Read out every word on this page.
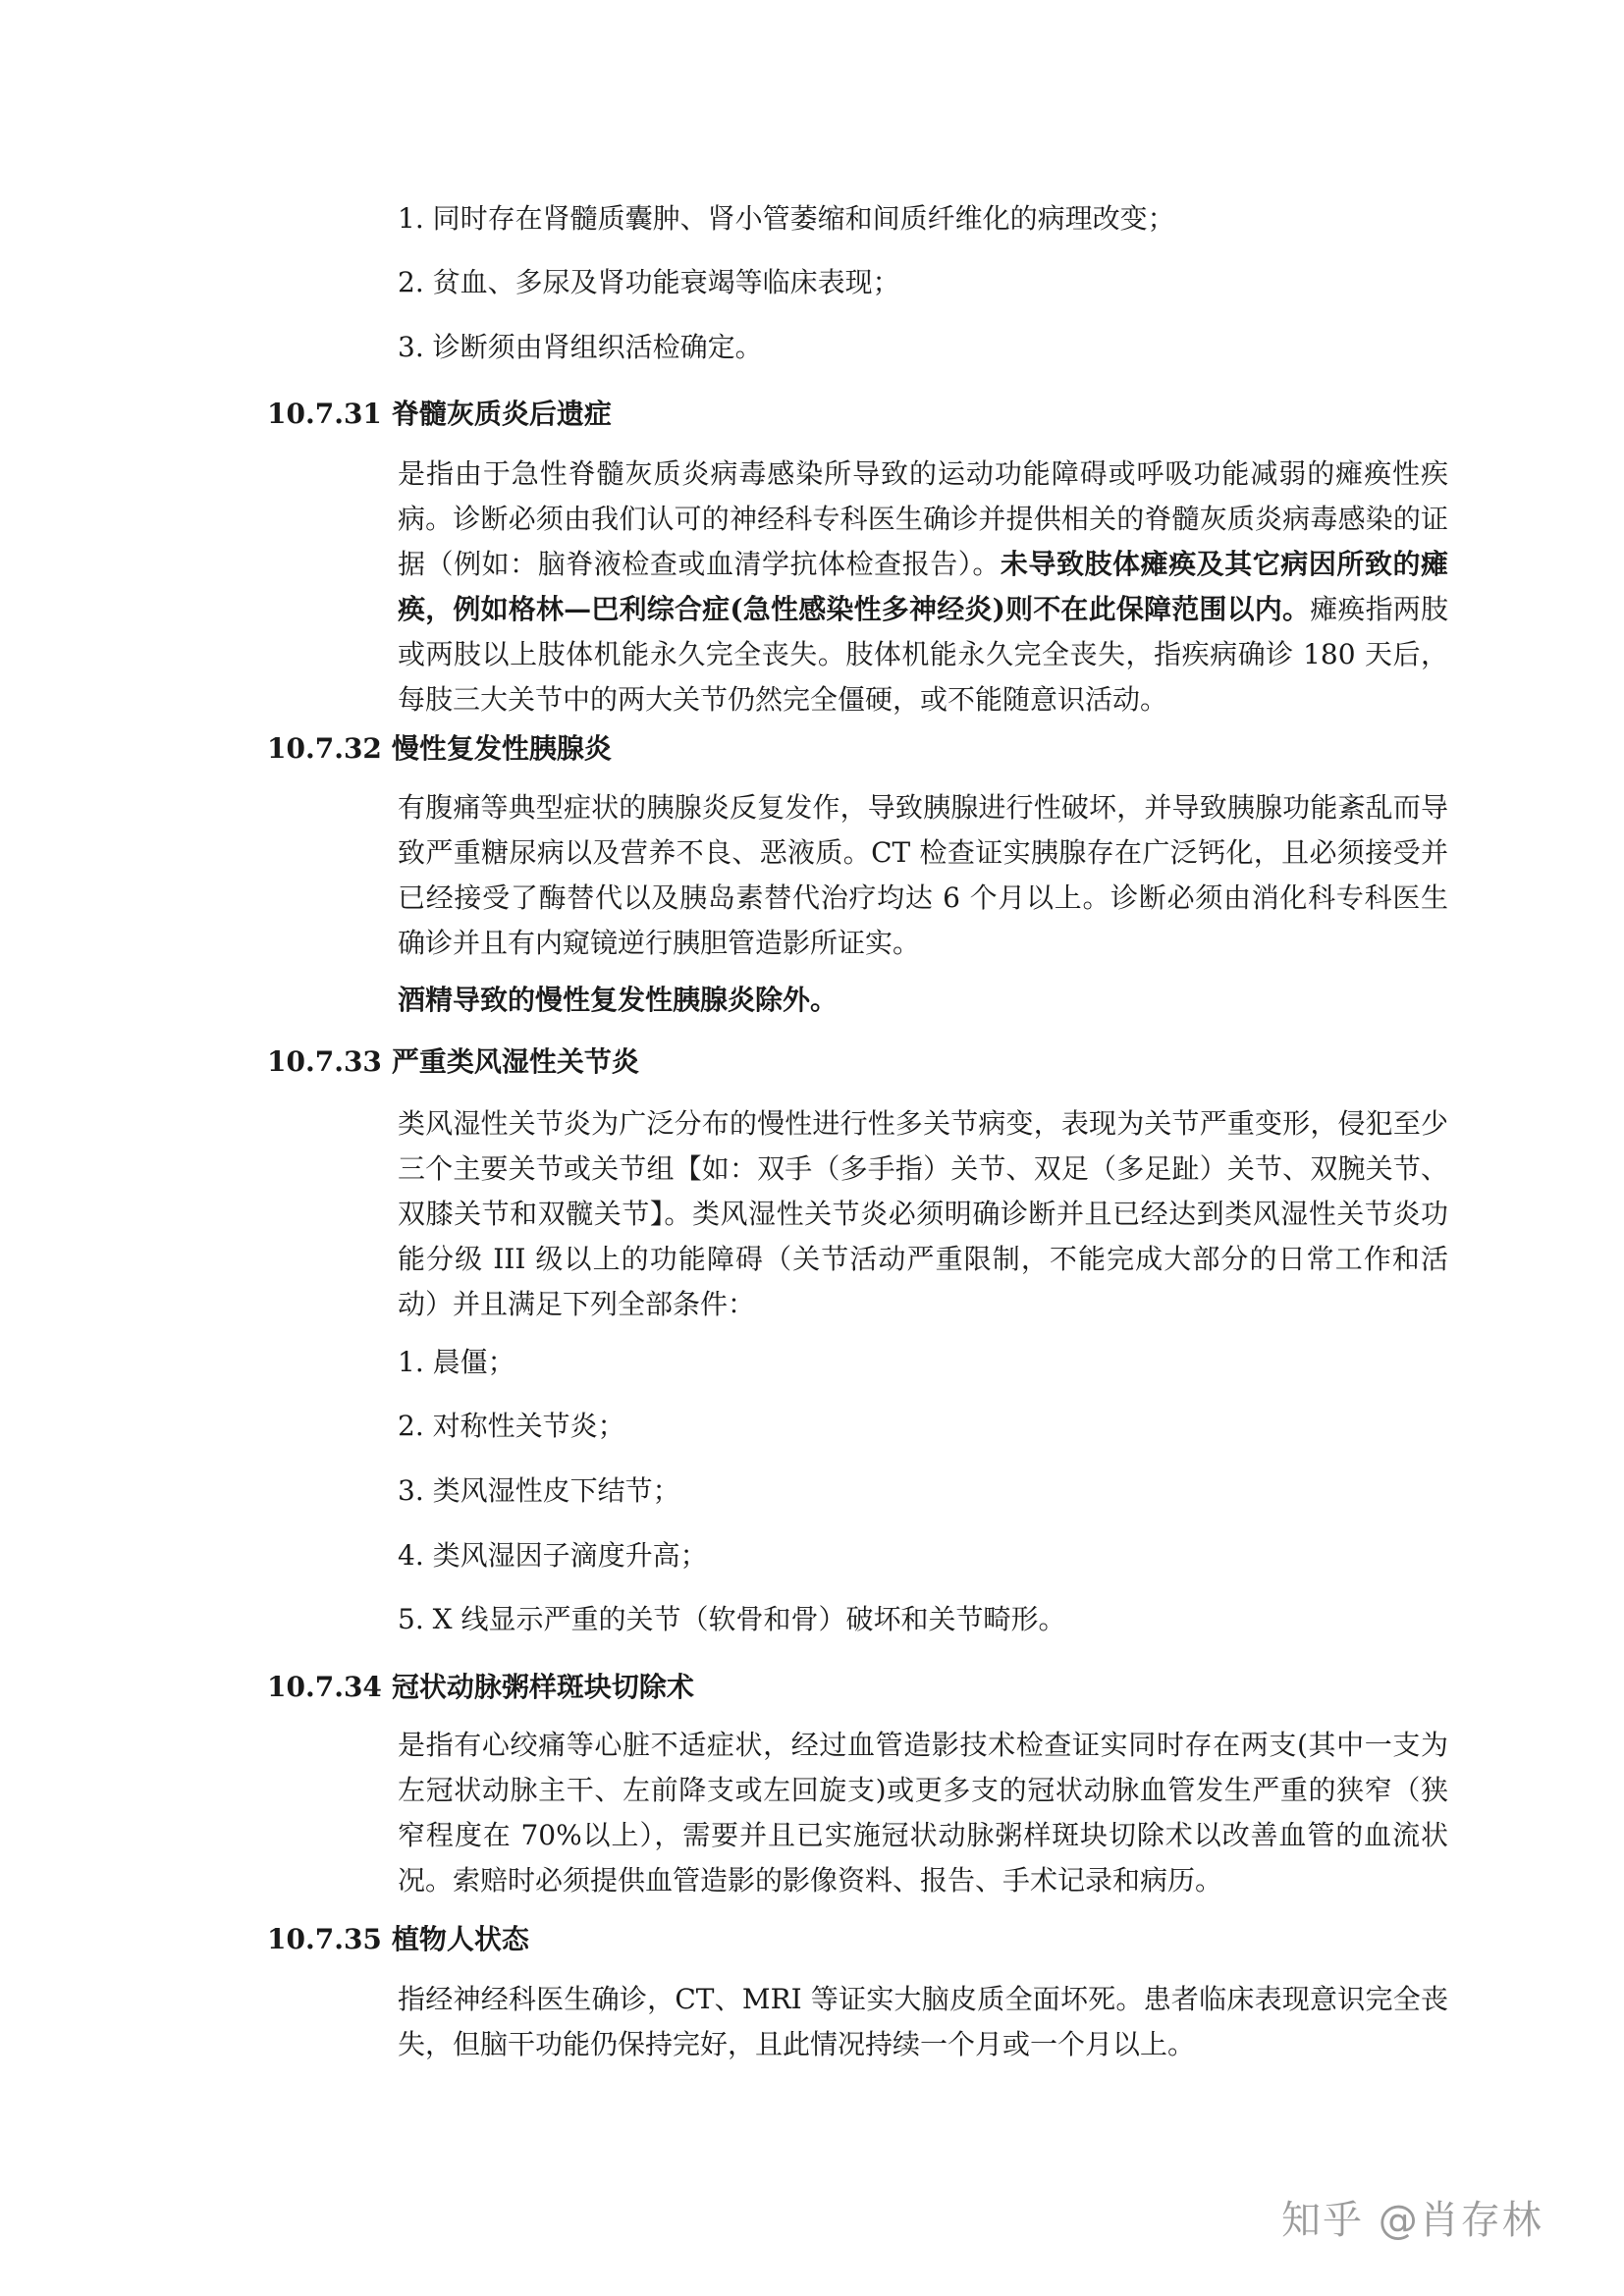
1. 同时存在肾髓质囊肿、肾小管萎缩和间质纤维化的病理改变；
2. 贫血、多尿及肾功能衰竭等临床表现；
3. 诊断须由肾组织活检确定。
10.7.31 脊髓灰质炎后遗症
是指由于急性脊髓灰质炎病毒感染所导致的运动功能障碍或呼吸功能减弱的瘫痪性疾病。诊断必须由我们认可的神经科专科医生确诊并提供相关的脊髓灰质炎病毒感染的证据（例如：脑脊液检查或血清学抗体检查报告）。未导致肢体瘫痪及其它病因所致的瘫痪，例如格林—巴利综合症(急性感染性多神经炎)则不在此保障范围以内。瘫痪指两肢或两肢以上肢体机能永久完全丧失。肢体机能永久完全丧失，指疾病确诊 180 天后，每肢三大关节中的两大关节仍然完全僵硬，或不能随意识活动。
10.7.32 慢性复发性胰腺炎
有腹痛等典型症状的胰腺炎反复发作，导致胰腺进行性破坏，并导致胰腺功能紊乱而导致严重糖尿病以及营养不良、恶液质。CT 检查证实胰腺存在广泛钙化，且必须接受并已经接受了酶替代以及胰岛素替代治疗均达 6 个月以上。诊断必须由消化科专科医生确诊并且有内窥镜逆行胰胆管造影所证实。
酒精导致的慢性复发性胰腺炎除外。
10.7.33 严重类风湿性关节炎
类风湿性关节炎为广泛分布的慢性进行性多关节病变，表现为关节严重变形，侵犯至少三个主要关节或关节组【如：双手（多手指）关节、双足（多足趾）关节、双腕关节、双膝关节和双髋关节】。类风湿性关节炎必须明确诊断并且已经达到类风湿性关节炎功能分级 III 级以上的功能障碍（关节活动严重限制，不能完成大部分的日常工作和活动）并且满足下列全部条件：
1. 晨僵；
2. 对称性关节炎；
3. 类风湿性皮下结节；
4. 类风湿因子滴度升高；
5. X 线显示严重的关节（软骨和骨）破坏和关节畸形。
10.7.34 冠状动脉粥样斑块切除术
是指有心绞痛等心脏不适症状，经过血管造影技术检查证实同时存在两支(其中一支为左冠状动脉主干、左前降支或左回旋支)或更多支的冠状动脉血管发生严重的狭窄（狭窄程度在 70%以上），需要并且已实施冠状动脉粥样斑块切除术以改善血管的血流状况。索赔时必须提供血管造影的影像资料、报告、手术记录和病历。
10.7.35 植物人状态
指经神经科医生确诊，CT、MRI 等证实大脑皮质全面坏死。患者临床表现意识完全丧失，但脑干功能仍保持完好，且此情况持续一个月或一个月以上。
知乎 @肖存林
